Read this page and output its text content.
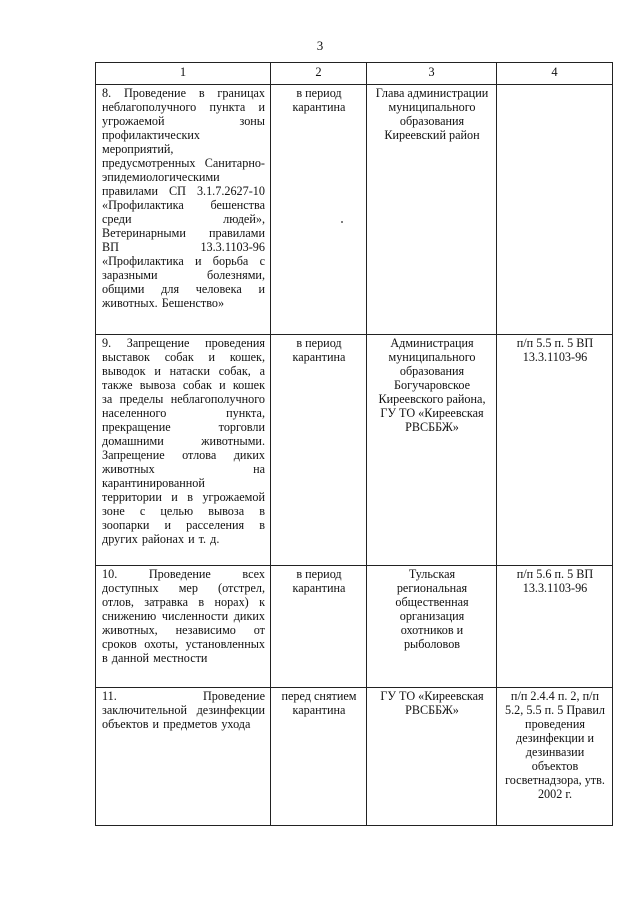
3
1	2	3	4
8. Проведение в границах неблагополучного пункта и угрожаемой зоны профилактических мероприятий, предусмотренных Санитарно-эпидемиологическими правилами СП 3.1.7.2627-10 «Профилактика бешенства среди людей», Ветеринарными правилами ВП 13.3.1103-96 «Профилактика и борьба с заразными болезнями, общими для человека и животных. Бешенство»	в период карантина	Глава администрации муниципального образования Киреевский район	
9. Запрещение проведения выставок собак и кошек, выводок и натаски собак, а также вывоза собак и кошек за пределы неблагополучного населенного пункта, прекращение торговли домашними животными. Запрещение отлова диких животных на карантинированной территории и в угрожаемой зоне с целью вывоза в зоопарки и расселения в других районах и т. д.	в период карантина	Администрация муниципального образования Богучаровское Киреевского района, ГУ ТО «Киреевская РВСББЖ»	п/п 5.5 п. 5 ВП 13.3.1103-96
10. Проведение всех доступных мер (отстрел, отлов, затравка в норах) к снижению численности диких животных, независимо от сроков охоты, установленных в данной местности	в период карантина	Тульская региональная общественная организация охотников и рыболовов	п/п 5.6 п. 5 ВП 13.3.1103-96
11. Проведение заключительной дезинфекции объектов и предметов ухода	перед снятием карантина	ГУ ТО «Киреевская РВСББЖ»	п/п 2.4.4 п. 2, п/п 5.2, 5.5 п. 5 Правил проведения дезинфекции и дезинвазии объектов госветнадзора, утв. 2002 г.
